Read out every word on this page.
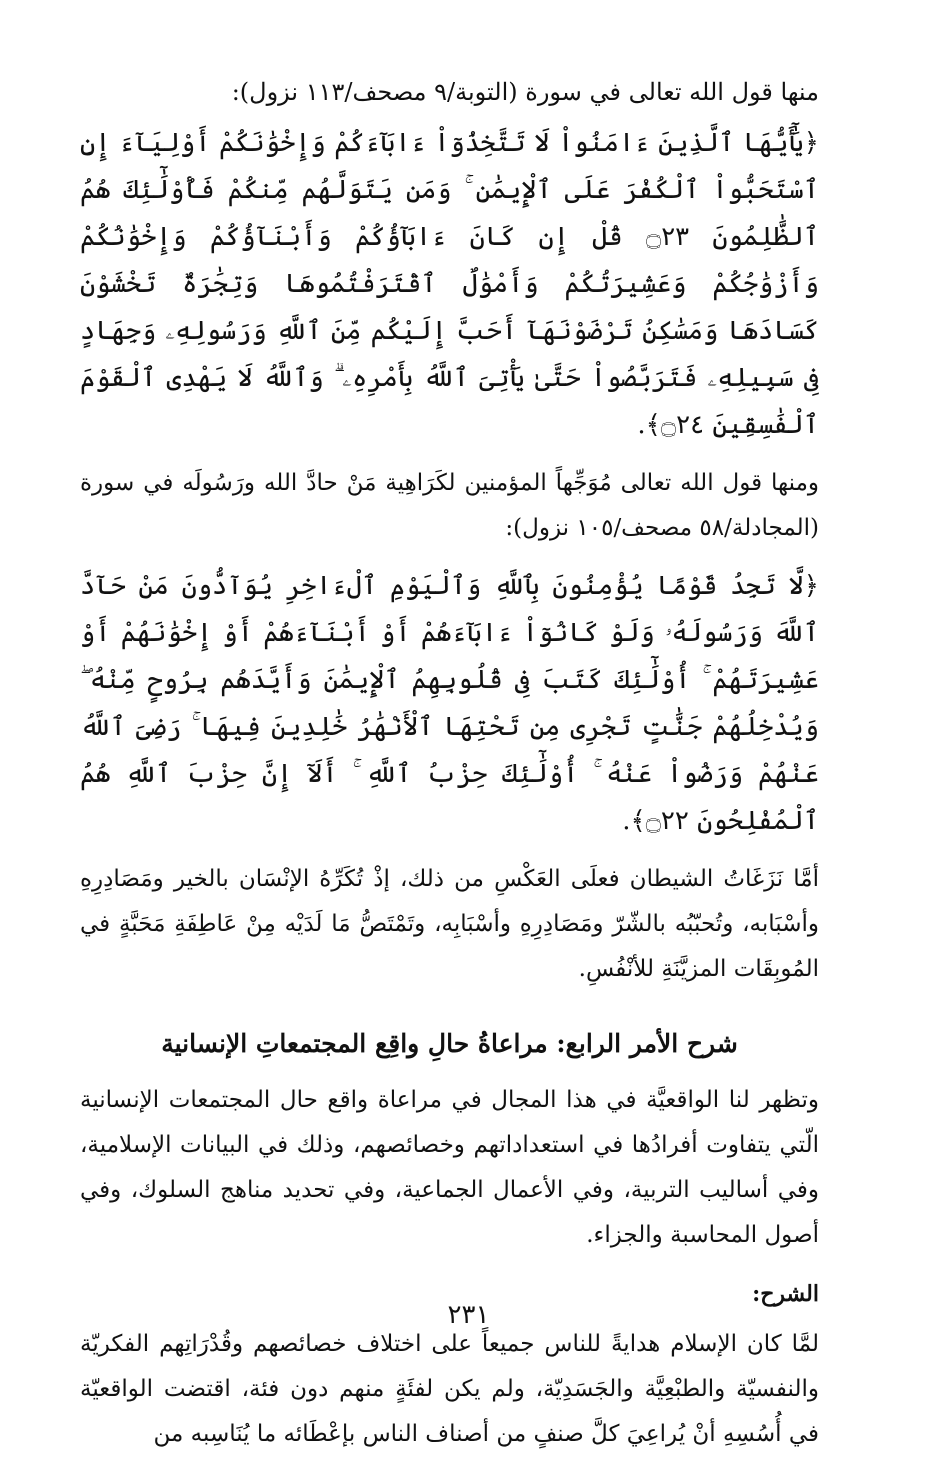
منها قول الله تعالى في سورة (التوبة/٩ مصحف/١١٣ نزول):

﴿يَٰٓأَيُّهَا ٱلَّذِينَ ءَامَنُواْ لَا تَتَّخِذُوٓاْ ءَابَآءَكُمْ وَإِخْوَٰنَكُمْ أَوْلِيَآءَ إِنِ ٱسْتَحَبُّواْ ٱلْكُفْرَ عَلَى ٱلْإِيمَٰنِ ۚ وَمَن يَتَوَلَّهُم مِّنكُمْ فَأُوْلَٰٓئِكَ هُمُ ٱلظَّٰلِمُونَ ۝٢٣ قُلْ إِن كَانَ ءَابَآؤُكُمْ وَأَبْنَآؤُكُمْ وَإِخْوَٰنُكُمْ وَأَزْوَٰجُكُمْ وَعَشِيرَتُكُمْ وَأَمْوَٰلٌ ٱقْتَرَفْتُمُوهَا وَتِجَٰرَةٌ تَخْشَوْنَ كَسَادَهَا وَمَسَٰكِنُ تَرْضَوْنَهَآ أَحَبَّ إِلَيْكُم مِّنَ ٱللَّهِ وَرَسُولِهِۦ وَجِهَادٍ فِى سَبِيلِهِۦ فَتَرَبَّصُواْ حَتَّىٰ يَأْتِىَ ٱللَّهُ بِأَمْرِهِۦ ۗ وَٱللَّهُ لَا يَهْدِى ٱلْقَوْمَ ٱلْفَٰسِقِينَ ۝٢٤﴾.

ومنها قول الله تعالى مُوَجِّهاً المؤمنين لكَرَاهِية مَنْ حادَّ الله ورَسُولَه في سورة (المجادلة/٥٨ مصحف/١٠٥ نزول):

﴿لَّا تَجِدُ قَوْمًا يُؤْمِنُونَ بِٱللَّهِ وَٱلْيَوْمِ ٱلْءَاخِرِ يُوَآدُّونَ مَنْ حَآدَّ ٱللَّهَ وَرَسُولَهُۥ وَلَوْ كَانُوٓاْ ءَابَآءَهُمْ أَوْ أَبْنَآءَهُمْ أَوْ إِخْوَٰنَهُمْ أَوْ عَشِيرَتَهُمْ ۚ أُوْلَٰٓئِكَ كَتَبَ فِى قُلُوبِهِمُ ٱلْإِيمَٰنَ وَأَيَّدَهُم بِرُوحٍ مِّنْهُ ۖ وَيُدْخِلُهُمْ جَنَّٰتٍ تَجْرِى مِن تَحْتِهَا ٱلْأَنْهَٰرُ خَٰلِدِينَ فِيهَا ۚ رَضِىَ ٱللَّهُ عَنْهُمْ وَرَضُواْ عَنْهُ ۚ أُوْلَٰٓئِكَ حِزْبُ ٱللَّهِ ۚ أَلَآ إِنَّ حِزْبَ ٱللَّهِ هُمُ ٱلْمُفْلِحُونَ ۝٢٢﴾.

أمَّا نَزَغَاتُ الشيطان فعلَى العَكْسِ من ذلك، إذْ تُكَرِّهُ الإنْسَان بالخير ومَصَادِرِهِ وأسْبَابه، وتُحبّبُه بالشّرّ ومَصَادِرِهِ وأسْبَابِه، وتَمْتَصُّ مَا لَدَيْه مِنْ عَاطِفَةِ مَحَبَّةٍ في المُوبِقَات المزيَّنَةِ للأنْفُسِ.

شرح الأمر الرابع: مراعاةُ حالِ واقِع المجتمعاتِ الإنسانية

وتظهر لنا الواقعيَّة في هذا المجال في مراعاة واقع حال المجتمعات الإنسانية الّتي يتفاوت أفرادُها في استعداداتهم وخصائصهم، وذلك في البيانات الإسلامية، وفي أساليب التربية، وفي الأعمال الجماعية، وفي تحديد مناهج السلوك، وفي أصول المحاسبة والجزاء.

الشرح:

لمَّا كان الإسلام هدايةً للناس جميعاً على اختلاف خصائصهم وقُدْرَاتِهم الفكريّة والنفسيّة والطبْعِيَّة والجَسَدِيّة، ولم يكن لفئَةٍ منهم دون فئة، اقتضت الواقعيّة في أُسُسِهِ أنْ يُراعِيَ كلَّ صنفٍ من أصناف الناس بإعْطَائه ما يُنَاسِبه من

٢٣١
